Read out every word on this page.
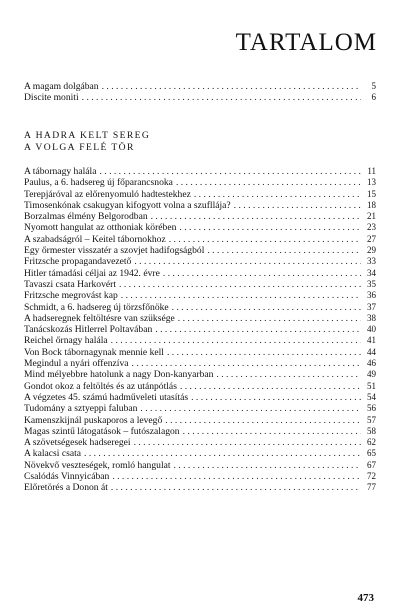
TARTALOM
A magam dolgában . . .	5
Discite moniti . . .	6
A HADRA KELT SEREG
A VOLGA FELÉ TÖR
A tábornagy halála . . .	11
Paulus, a 6. hadsereg új főparancsnoka . . .	13
Terepjáróval az előrenyomuló hadtestekhez . . .	15
Timosenkónak csakugyan kifogyott volna a szufllája? . . .	18
Borzalmas élmény Belgorodban . . .	21
Nyomott hangulat az otthoniak körében . . .	23
A szabadságról – Keitel tábornokhoz . . .	27
Egy őrmester visszatér a szovjet hadifogságból . . .	29
Fritzsche propagandavezető . . .	33
Hitler támadási céljai az 1942. évre . . .	34
Tavaszi csata Harkovért . . .	35
Fritzsche megrovást kap . . .	36
Schmidt, a 6. hadsereg új törzsfőnöke . . .	37
A hadseregnek feltöltésre van szüksége . . .	38
Tanácskozás Hitlerrel Poltavában . . .	40
Reichel őrnagy halála . . .	41
Von Bock tábornagynak mennie kell . . .	44
Megindul a nyári offenzíva . . .	46
Mind mélyebbre hatolunk a nagy Don-kanyarban . . .	49
Gondot okoz a feltöltés és az utánpótlás . . .	51
A végzetes 45. számú hadműveleti utasítás . . .	54
Tudomány a sztyeppi faluban . . .	56
Kamenszkijnál puskaporos a levegő . . .	57
Magas szintű látogatások – futószalagon . . .	58
A szövetségesek hadseregei . . .	62
A kalacsi csata . . .	65
Növekvő veszteségek, romló hangulat . . .	67
Csalódás Vinnyicában . . .	72
Előretörés a Donon át . . .	77
473
